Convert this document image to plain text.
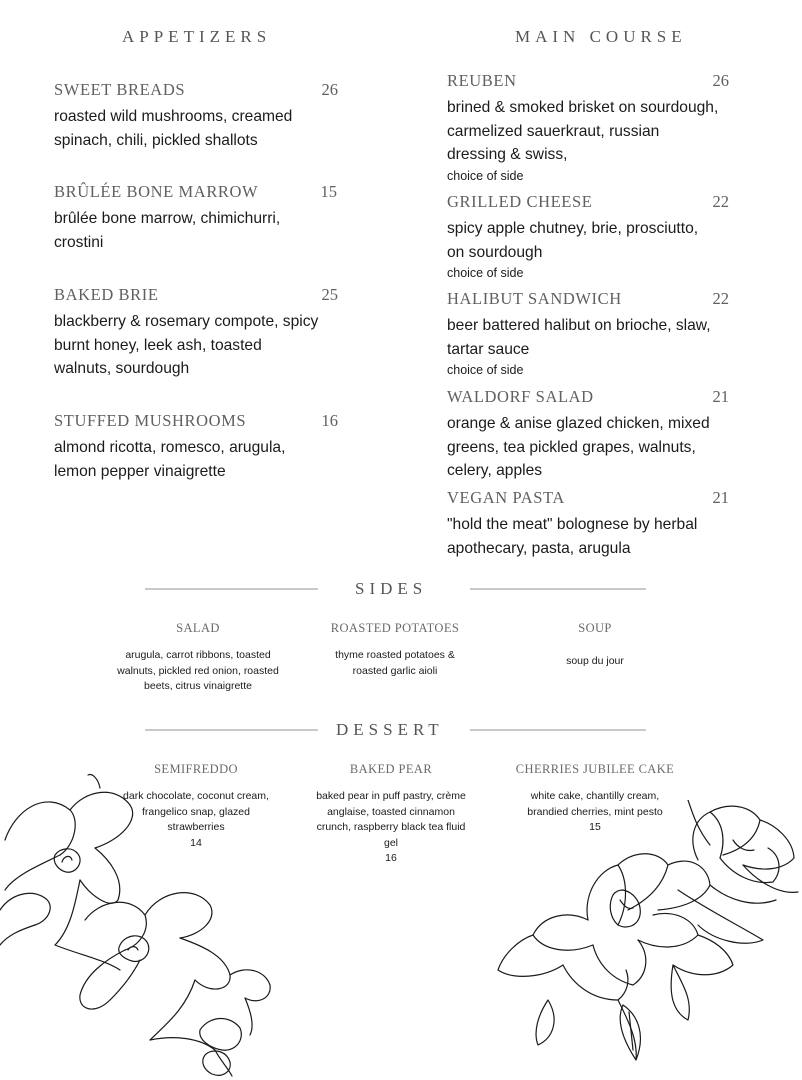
APPETIZERS
SWEET BREADS	26
roasted wild mushrooms, creamed spinach, chili, pickled shallots
BRÛLÉE BONE MARROW	15
brûlée bone marrow, chimichurri, crostini
BAKED BRIE	25
blackberry & rosemary compote, spicy burnt honey, leek ash, toasted walnuts, sourdough
STUFFED MUSHROOMS	16
almond ricotta, romesco, arugula, lemon pepper vinaigrette
MAIN COURSE
REUBEN	26
brined & smoked brisket on sourdough, carmelized sauerkraut, russian dressing & swiss,
choice of side
GRILLED CHEESE	22
spicy apple chutney, brie, prosciutto, on sourdough
choice of side
HALIBUT SANDWICH	22
beer battered halibut on brioche, slaw, tartar sauce
choice of side
WALDORF SALAD	21
orange & anise glazed chicken, mixed greens, tea pickled grapes, walnuts, celery, apples
VEGAN PASTA	21
"hold the meat" bolognese by herbal apothecary, pasta, arugula
SIDES
SALAD
arugula, carrot ribbons, toasted walnuts, pickled red onion, roasted beets, citrus vinaigrette
ROASTED POTATOES
thyme roasted potatoes & roasted garlic aioli
SOUP
soup du jour
DESSERT
SEMIFREDDO
dark chocolate, coconut cream, frangelico snap, glazed strawberries
14
BAKED PEAR
baked pear in puff pastry, crème anglaise, toasted cinnamon crunch, raspberry black tea fluid gel
16
CHERRIES JUBILEE CAKE
white cake, chantilly cream, brandied cherries, mint pesto
15
